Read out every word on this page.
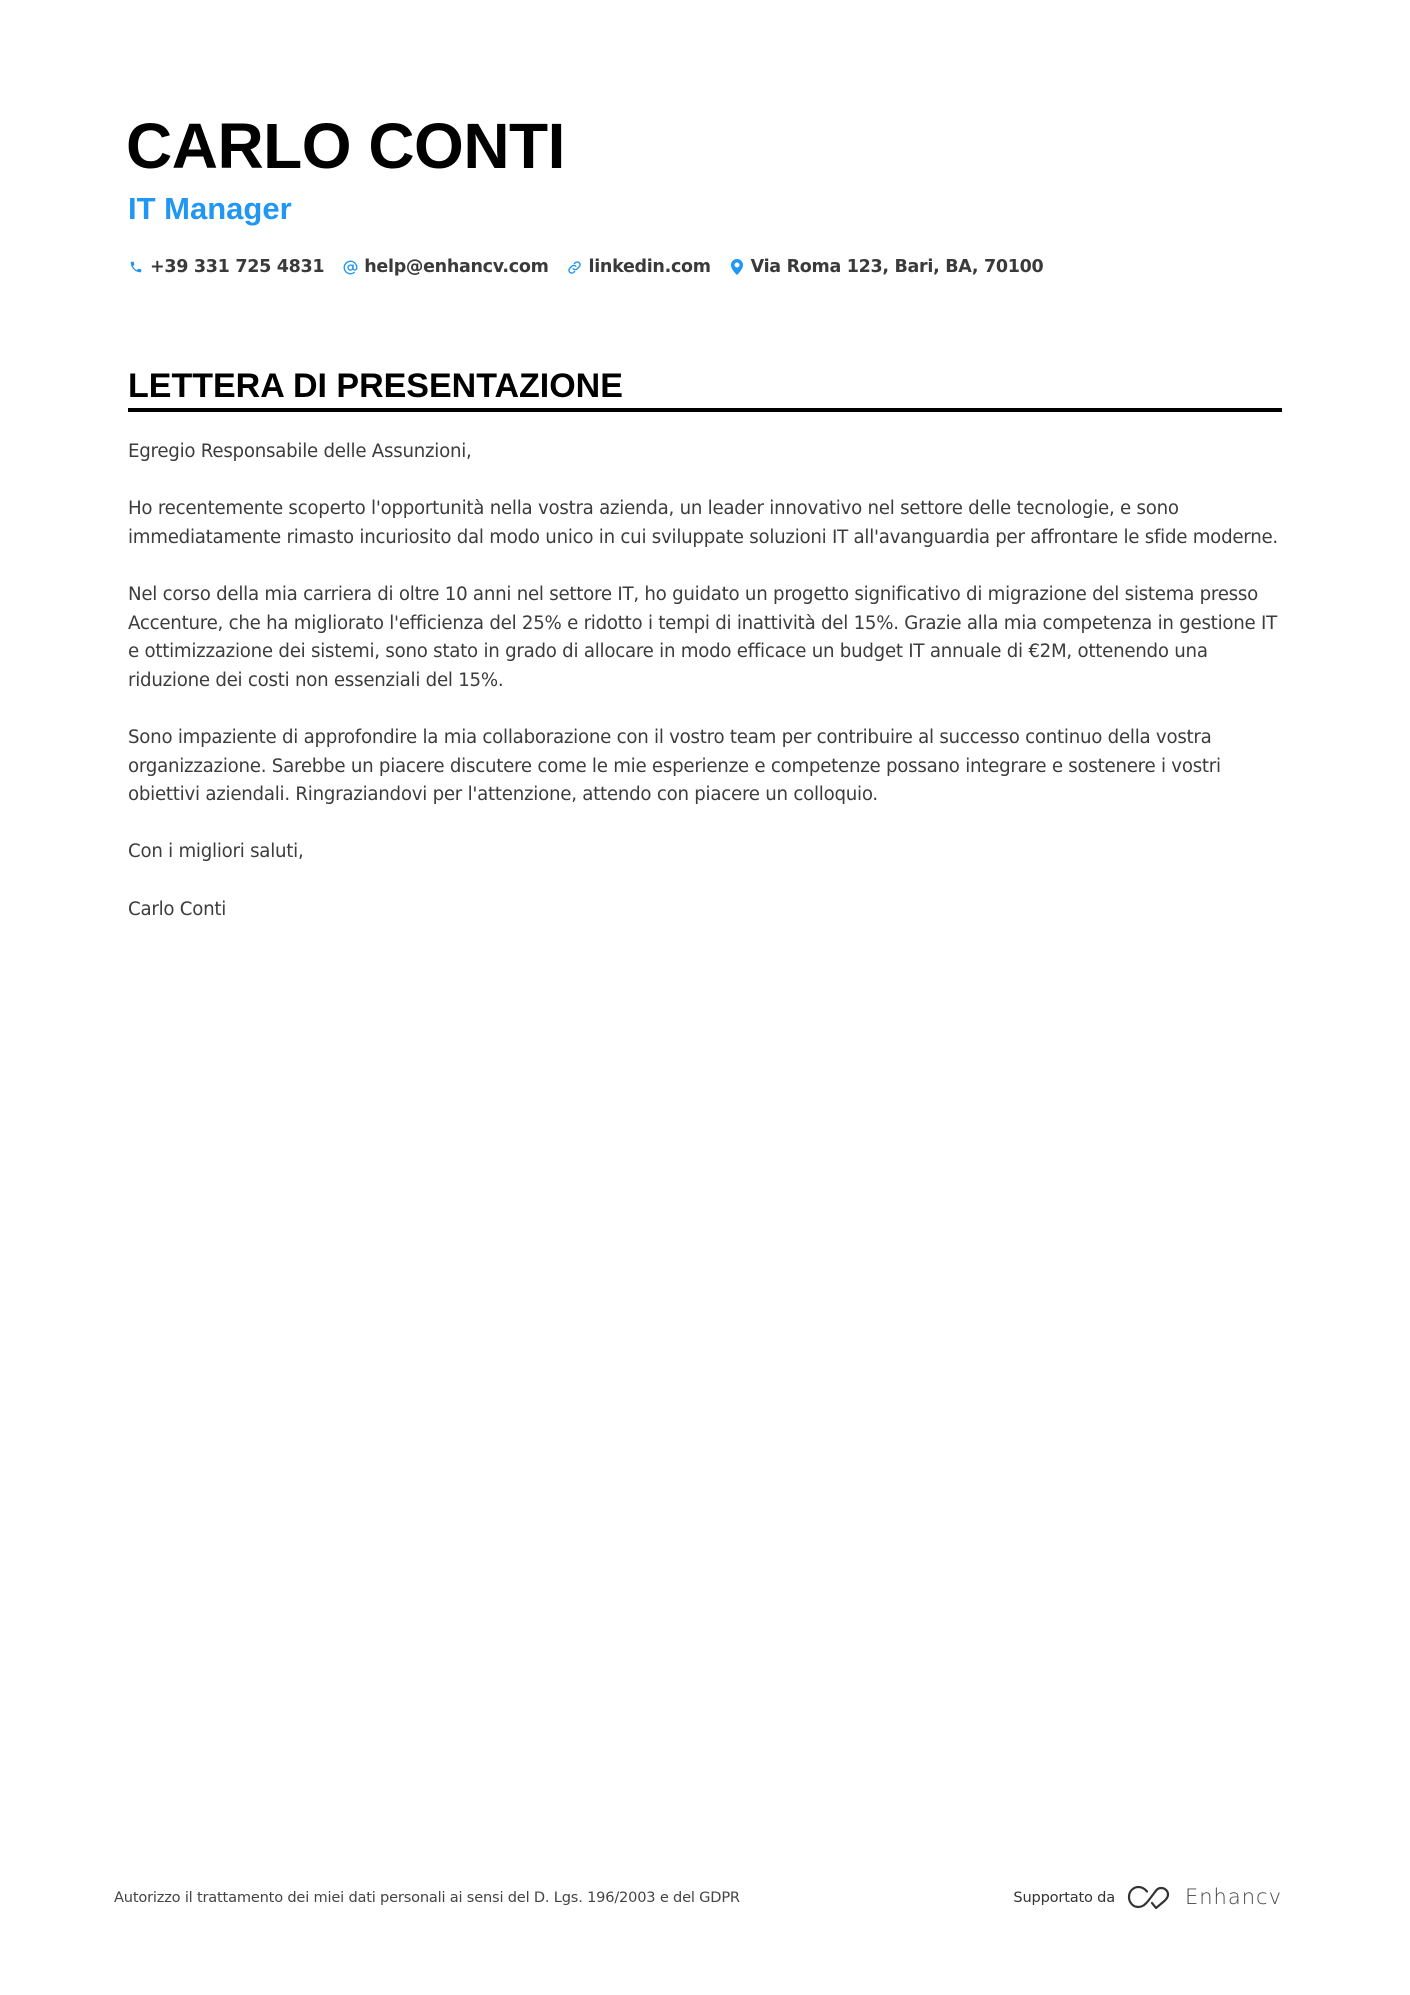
CARLO CONTI
IT Manager
+39 331 725 4831 help@enhancv.com linkedin.com Via Roma 123, Bari, BA, 70100
LETTERA DI PRESENTAZIONE

Egregio Responsabile delle Assunzioni,

Ho recentemente scoperto l'opportunità nella vostra azienda, un leader innovativo nel settore delle tecnologie, e sono immediatamente rimasto incuriosito dal modo unico in cui sviluppate soluzioni IT all'avanguardia per affrontare le sfide moderne.

Nel corso della mia carriera di oltre 10 anni nel settore IT, ho guidato un progetto significativo di migrazione del sistema presso Accenture, che ha migliorato l'efficienza del 25% e ridotto i tempi di inattività del 15%. Grazie alla mia competenza in gestione IT e ottimizzazione dei sistemi, sono stato in grado di allocare in modo efficace un budget IT annuale di €2M, ottenendo una riduzione dei costi non essenziali del 15%.

Sono impaziente di approfondire la mia collaborazione con il vostro team per contribuire al successo continuo della vostra organizzazione. Sarebbe un piacere discutere come le mie esperienze e competenze possano integrare e sostenere i vostri obiettivi aziendali. Ringraziandovi per l'attenzione, attendo con piacere un colloquio.

Con i migliori saluti,

Carlo Conti

Autorizzo il trattamento dei miei dati personali ai sensi del D. Lgs. 196/2003 e del GDPR	Supportato da	Enhancv
